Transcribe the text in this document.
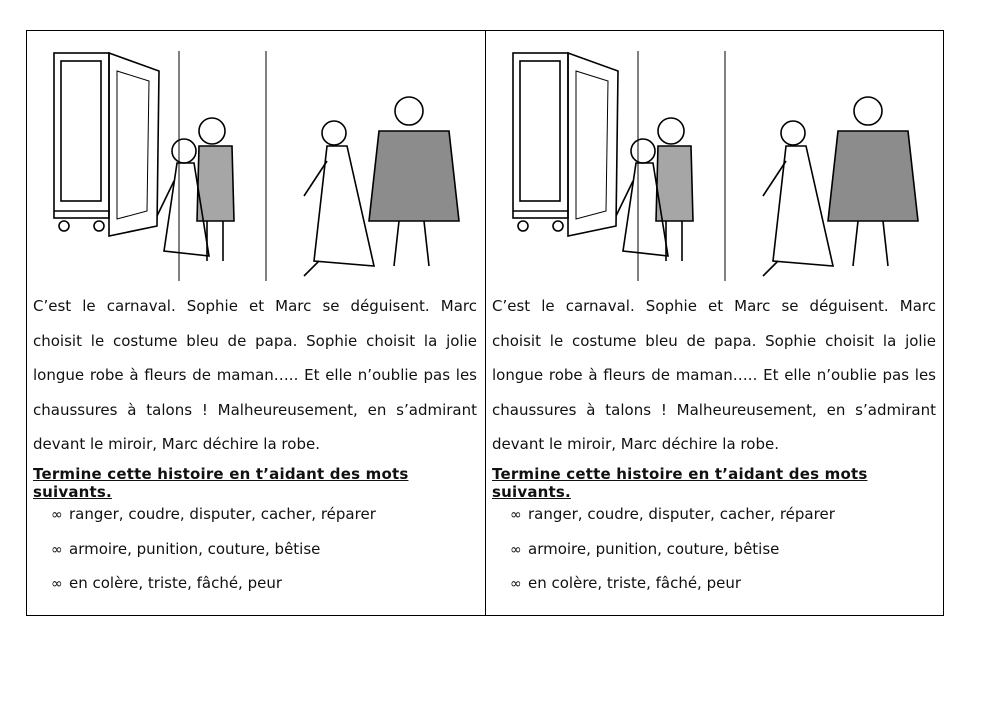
C’est le carnaval. Sophie et Marc se déguisent. Marc
choisit le costume bleu de papa. Sophie choisit la jolie
longue robe à fleurs de maman….. Et elle n’oublie pas les
chaussures à talons ! Malheureusement, en s’admirant
devant le miroir, Marc déchire la robe.
Termine cette histoire en t’aidant des mots suivants.
∞ ranger, coudre, disputer, cacher, réparer
∞ armoire, punition, couture, bêtise
∞ en colère, triste, fâché, peur
C’est le carnaval. Sophie et Marc se déguisent. Marc
choisit le costume bleu de papa. Sophie choisit la jolie
longue robe à fleurs de maman….. Et elle n’oublie pas les
chaussures à talons ! Malheureusement, en s’admirant
devant le miroir, Marc déchire la robe.
Termine cette histoire en t’aidant des mots suivants.
∞ ranger, coudre, disputer, cacher, réparer
∞ armoire, punition, couture, bêtise
∞ en colère, triste, fâché, peur
